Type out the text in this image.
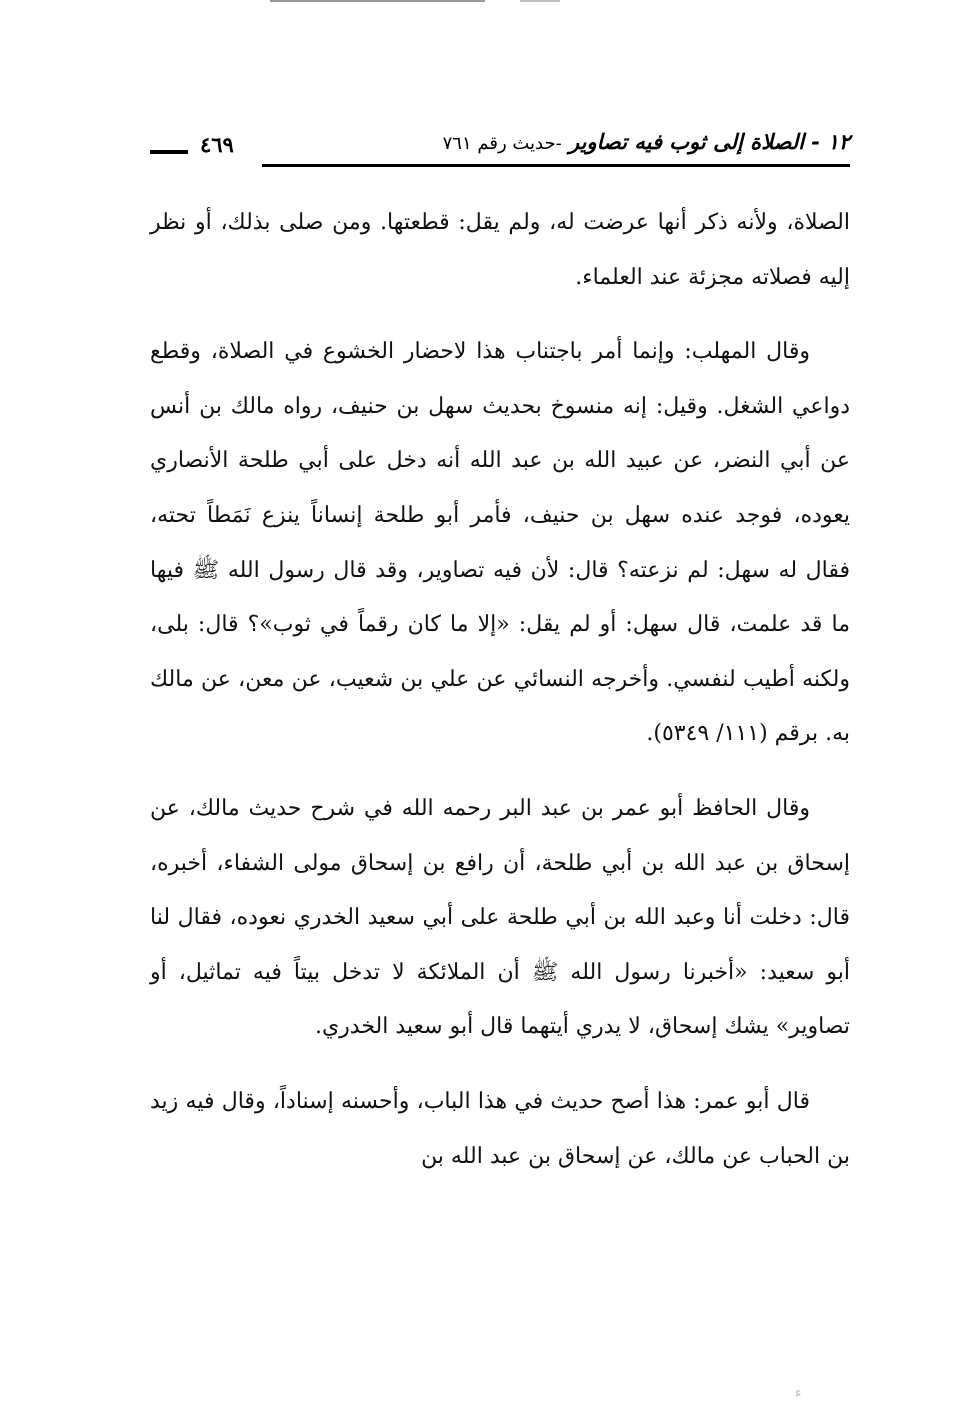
١٢ - الصلاة إلى ثوب فيه تصاوير -حديث رقم ٧٦١
٤٦٩

الصلاة، ولأنه ذكر أنها عرضت له، ولم يقل: قطعتها. ومن صلى بذلك، أو نظر إليه فصلاته مجزئة عند العلماء.

وقال المهلب: وإنما أمر باجتناب هذا لاحضار الخشوع في الصلاة، وقطع دواعي الشغل. وقيل: إنه منسوخ بحديث سهل بن حنيف، رواه مالك بن أنس عن أبي النضر، عن عبيد الله بن عبد الله أنه دخل على أبي طلحة الأنصاري يعوده، فوجد عنده سهل بن حنيف، فأمر أبو طلحة إنساناً ينزع نَمَطاً تحته، فقال له سهل: لم نزعته؟ قال: لأن فيه تصاوير، وقد قال رسول الله ﷺ فيها ما قد علمت، قال سهل: أو لم يقل: «إلا ما كان رقماً في ثوب»؟ قال: بلى، ولكنه أطيب لنفسي. وأخرجه النسائي عن علي بن شعيب، عن معن، عن مالك به. برقم (١١١/ ٥٣٤٩).

وقال الحافظ أبو عمر بن عبد البر رحمه الله في شرح حديث مالك، عن إسحاق بن عبد الله بن أبي طلحة، أن رافع بن إسحاق مولى الشفاء، أخبره، قال: دخلت أنا وعبد الله بن أبي طلحة على أبي سعيد الخدري نعوده، فقال لنا أبو سعيد: «أخبرنا رسول الله ﷺ أن الملائكة لا تدخل بيتاً فيه تماثيل، أو تصاوير» يشك إسحاق، لا يدري أيتهما قال أبو سعيد الخدري.

قال أبو عمر: هذا أصح حديث في هذا الباب، وأحسنه إسناداً، وقال فيه زيد بن الحباب عن مالك، عن إسحاق بن عبد الله بن

ﺀ
